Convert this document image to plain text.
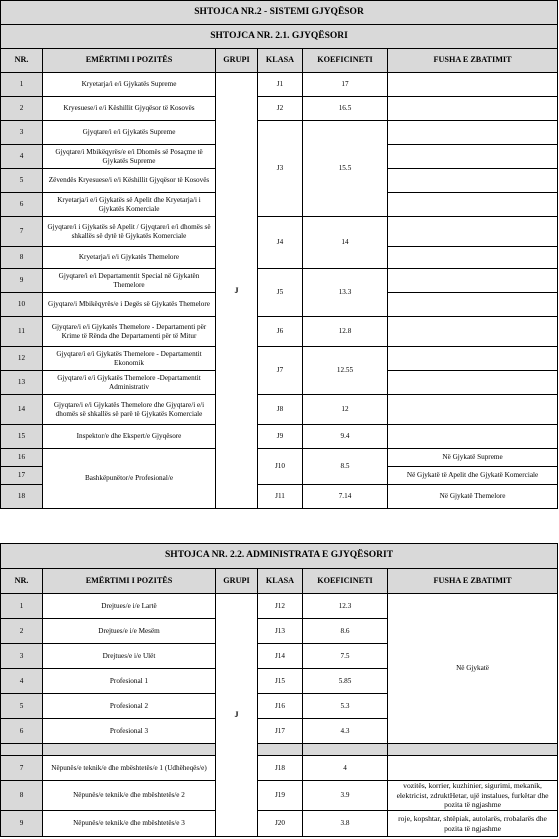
SHTOJCA NR.2 - SISTEMI GJYQËSOR					
SHTOJCA NR. 2.1. GJYQËSORI					
NR.	EMËRTIMI I POZITËS	GRUPI	KLASA	KOEFICINETI	FUSHA E ZBATIMIT
1	Kryetarja/i e/i Gjykatës Supreme	J	J1	17	
2	Kryesuese/i e/i Këshillit Gjyqësor të Kosovës		J2	16.5	
3	Gjyqtare/i e/i Gjykatës Supreme		J3	15.5	
4	Gjyqtare/i Mbikëqyrës/e e/i Dhomës së Posaçme të Gjykatës Supreme				
5	Zëvendës Kryesuese/i e/i Këshillit Gjyqësor të Kosovës				
6	Kryetarja/i e/i Gjykatës së Apelit dhe Kryetarja/i i Gjykatës Komerciale				
7	Gjyqtare/i i Gjykatës së Apelit / Gjyqtare/i e/i dhomës së shkallës së dytë të Gjykatës Komerciale		J4	14	
8	Kryetarja/i e/i Gjykatës Themelore				
9	Gjyqtare/i e/i Departamentit Special në Gjykatën Themelore		J5	13.3	
10	Gjyqtare/i Mbikëqyrës/e i Degës së Gjykatës Themelore				
11	Gjyqtare/i e/i Gjykatës Themelore - Departamenti për Krime të Rënda dhe Departamenti për të Mitur		J6	12.8	
12	Gjyqtare/i e/i Gjykatës Themelore - Departamentit Ekonomik		J7	12.55	
13	Gjyqtare/i e/i Gjykatës Themelore -Departamentit Administrativ				
14	Gjyqtare/i e/i Gjykatës Themelore dhe Gjyqtare/i e/i dhomës së shkallës së parë të Gjykatës Komerciale		J8	12	
15	Inspektor/e dhe Ekspert/e Gjyqësore		J9	9.4	
16	Bashkëpunëtor/e Profesional/e		J10	8.5	Në Gjykatë Supreme
17					Në Gjykatë të Apelit dhe Gjykatë Komerciale
18			J11	7.14	Në Gjykatë Themelore
SHTOJCA NR. 2.2. ADMINISTRATA E GJYQËSORIT					
NR.	EMËRTIMI I POZITËS	GRUPI	KLASA	KOEFICINETI	FUSHA E ZBATIMIT
1	Drejtues/e i/e Lartë	J	J12	12.3	Në Gjykatë
2	Drejtues/e i/e Mesëm		J13	8.6	
3	Drejtues/e i/e Ulët		J14	7.5	
4	Profesional 1		J15	5.85	
5	Profesional 2		J16	5.3	
6	Profesional 3		J17	4.3	

7	Nëpunës/e teknik/e dhe mbështetës/e 1 (Udhëheqës/e)		J18	4	
8	Nëpunës/e teknik/e dhe mbështetës/e 2		J19	3.9	vozitës, korrier, kuzhinier, sigurimi, mekanik, elektricist, zdruktHetar, ujë instalues, furkëtar dhe pozita të ngjashme
9	Nëpunës/e teknik/e dhe mbështetës/e 3		J20	3.8	roje, kopshtar, shtëpiak, autolarës, rrobalarës dhe pozita të ngjashme
